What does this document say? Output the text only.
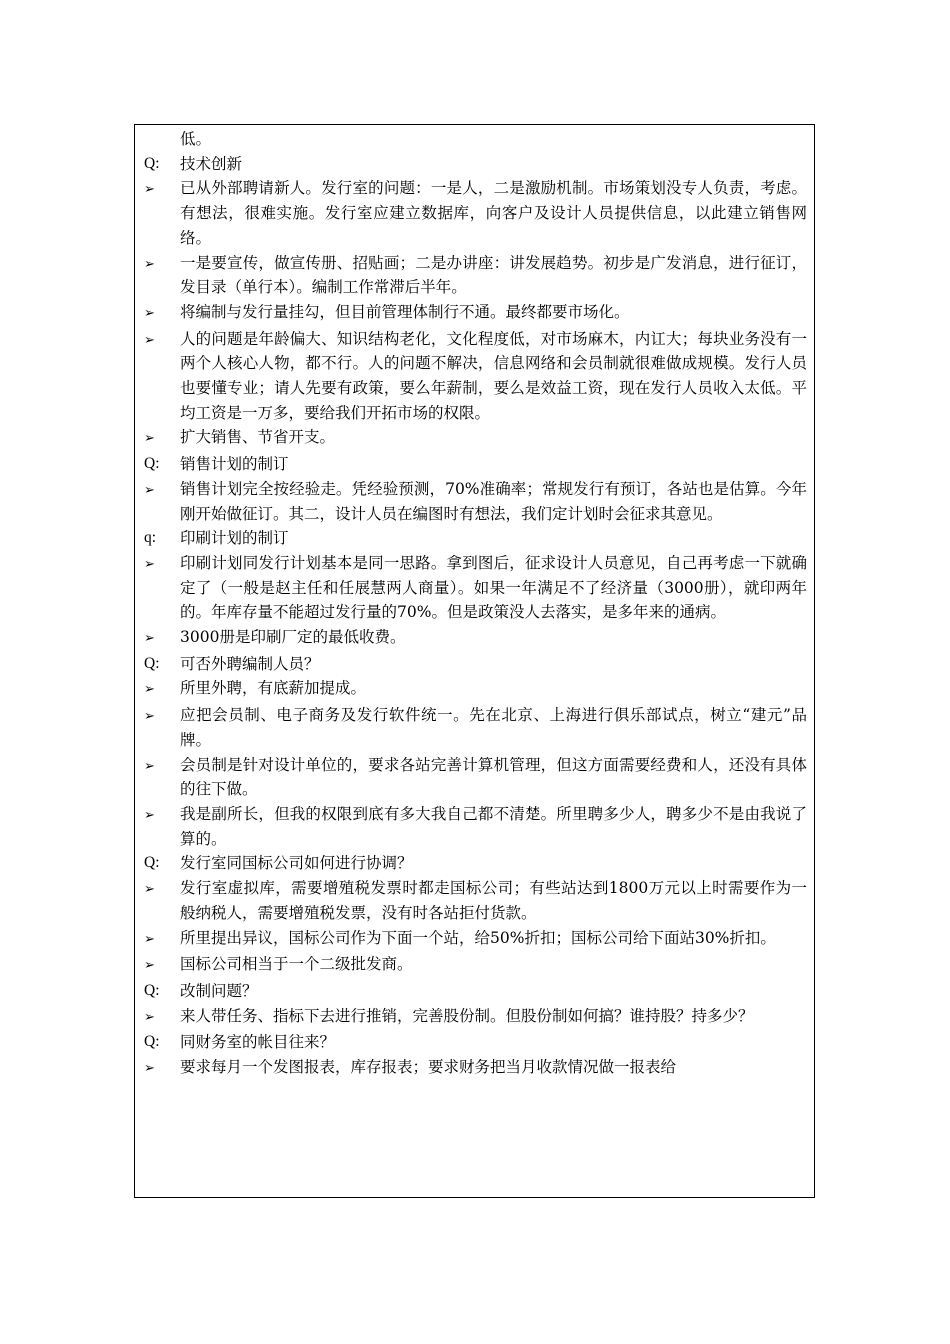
低。
Q:	技术创新
➢	已从外部聘请新人。发行室的问题：一是人，二是激励机制。市场策划没专人负责，考虑。有想法，很难实施。发行室应建立数据库，向客户及设计人员提供信息，以此建立销售网络。
➢	一是要宣传，做宣传册、招贴画；二是办讲座：讲发展趋势。初步是广发消息，进行征订，发目录（单行本）。编制工作常滞后半年。
➢	将编制与发行量挂勾，但目前管理体制行不通。最终都要市场化。
➢	人的问题是年龄偏大、知识结构老化，文化程度低，对市场麻木，内讧大；每块业务没有一两个人核心人物，都不行。人的问题不解决，信息网络和会员制就很难做成规模。发行人员也要懂专业；请人先要有政策，要么年薪制，要么是效益工资，现在发行人员收入太低。平均工资是一万多，要给我们开拓市场的权限。
➢	扩大销售、节省开支。
Q:	销售计划的制订
➢	销售计划完全按经验走。凭经验预测，70%准确率；常规发行有预订，各站也是估算。今年刚开始做征订。其二，设计人员在编图时有想法，我们定计划时会征求其意见。
q:	印刷计划的制订
➢	印刷计划同发行计划基本是同一思路。拿到图后，征求设计人员意见，自己再考虑一下就确定了（一般是赵主任和任展慧两人商量）。如果一年满足不了经济量（3000册），就印两年的。年库存量不能超过发行量的70%。但是政策没人去落实，是多年来的通病。
➢	3000册是印刷厂定的最低收费。
Q:	可否外聘编制人员？
➢	所里外聘，有底薪加提成。
➢	应把会员制、电子商务及发行软件统一。先在北京、上海进行俱乐部试点，树立“建元”品牌。
➢	会员制是针对设计单位的，要求各站完善计算机管理，但这方面需要经费和人，还没有具体的往下做。
➢	我是副所长，但我的权限到底有多大我自己都不清楚。所里聘多少人，聘多少不是由我说了算的。
Q:	发行室同国标公司如何进行协调？
➢	发行室虚拟库，需要增殖税发票时都走国标公司；有些站达到1800万元以上时需要作为一般纳税人，需要增殖税发票，没有时各站拒付货款。
➢	所里提出异议，国标公司作为下面一个站，给50%折扣；国标公司给下面站30%折扣。
➢	国标公司相当于一个二级批发商。
Q:	改制问题？
➢	来人带任务、指标下去进行推销，完善股份制。但股份制如何搞？谁持股？持多少？
Q:	同财务室的帐目往来？
➢	要求每月一个发图报表，库存报表；要求财务把当月收款情况做一报表给
